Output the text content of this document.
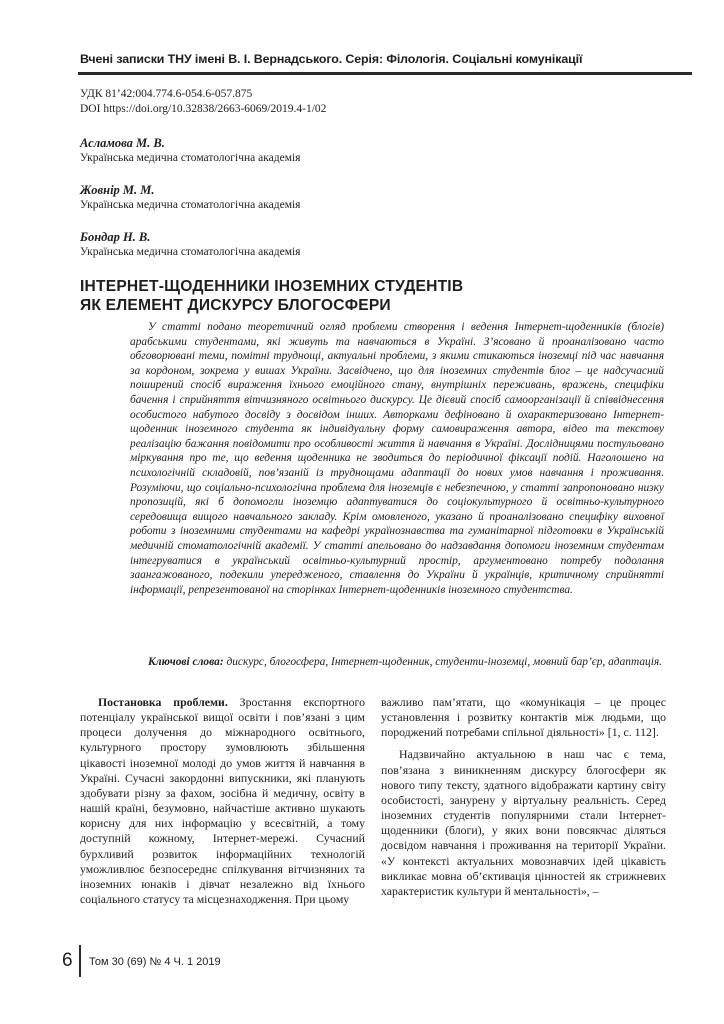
Вчені записки ТНУ імені В. І. Вернадського. Серія: Філологія. Соціальні комунікації
УДК 81’42:004.774.6-054.6-057.875
DOI https://doi.org/10.32838/2663-6069/2019.4-1/02
Асламова М. В.
Українська медична стоматологічна академія
Жовнір М. М.
Українська медична стоматологічна академія
Бондар Н. В.
Українська медична стоматологічна академія
ІНТЕРНЕТ-ЩОДЕННИКИ ІНОЗЕМНИХ СТУДЕНТІВ
ЯК ЕЛЕМЕНТ ДИСКУРСУ БЛОГОСФЕРИ
У статті подано теоретичний огляд проблеми створення і ведення Інтернет-щоденників (блогів) арабськими студентами, які живуть та навчаються в Україні. З’ясовано й проаналізовано часто обговорювані теми, помітні труднощі, актуальні проблеми, з якими стикаються іноземці під час навчання за кордоном, зокрема у вишах України. Засвідчено, що для іноземних студентів блог – це надсучасний поширений спосіб вираження їхнього емоційного стану, внутрішніх переживань, вражень, специфіки бачення і сприйняття вітчизняного освітнього дискурсу. Це дієвий спосіб самоорганізації й співвіднесення особистого набутого досвіду з досвідом інших. Авторками дефіновано й охарактеризовано Інтернет-щоденник іноземного студента як індивідуальну форму самовираження автора, відео та текстову реалізацію бажання повідомити про особливості життя й навчання в Україні. Дослідницями постульовано міркування про те, що ведення щоденника не зводиться до періодичної фіксації подій. Наголошено на психологічній складовій, пов’язаній із труднощами адаптації до нових умов навчання і проживання. Розуміючи, що соціально-психологічна проблема для іноземців є небезпечною, у статті запропоновано низку пропозицій, які б допомогли іноземцю адаптуватися до соціокультурного й освітньо-культурного середовища вищого навчального закладу. Крім омовленого, указано й проаналізовано специфіку виховної роботи з іноземними студентами на кафедрі українознавства та гуманітарної підготовки в Українській медичній стоматологічній академії. У статті апельовано до надзавдання допомоги іноземним студентам інтегруватися в український освітньо-культурний простір, аргументовано потребу подолання заангажованого, подекили упередженого, ставлення до України й українців, критичному сприйнятті інформації, репрезентованої на сторінках Інтернет-щоденників іноземного студентства.
Ключові слова: дискурс, блогосфера, Інтернет-щоденник, студенти-іноземці, мовний бар’єр, адаптація.

Постановка проблеми. Зростання експортного потенціалу української вищої освіти і пов’язані з цим процеси долучення до міжнародного освітнього, культурного простору зумовлюють збільшення цікавості іноземної молоді до умов життя й навчання в Україні. Сучасні закордонні випускники, які планують здобувати різну за фахом, зосібна й медичну, освіту в нашій країні, безумовно, найчастіше активно шукають корисну для них інформацію у всесвітній, а тому доступній кожному, Інтернет-мережі. Сучасний бурхливий розвиток інформаційних технологій уможливлює безпосереднє спілкування вітчизняних та іноземних юнаків і дівчат незалежно від їхнього соціального статусу та місцезнаходження. При цьому

важливо пам’ятати, що «комунікація – це процес установлення і розвитку контактів між людьми, що породжений потребами спільної діяльності» [1, с. 112].

Надзвичайно актуальною в наш час є тема, пов’язана з виникненням дискурсу блогосфери як нового типу тексту, здатного відображати картину світу особистості, занурену у віртуальну реальність. Серед іноземних студентів популярними стали Інтернет-щоденники (блоги), у яких вони повсякчас діляться досвідом навчання і проживання на території України. «У контексті актуальних мовознавчих ідей цікавість викликає мовна об’єктивація цінностей як стрижневих характеристик культури й ментальності», –

6 Том 30 (69) № 4 Ч. 1 2019
